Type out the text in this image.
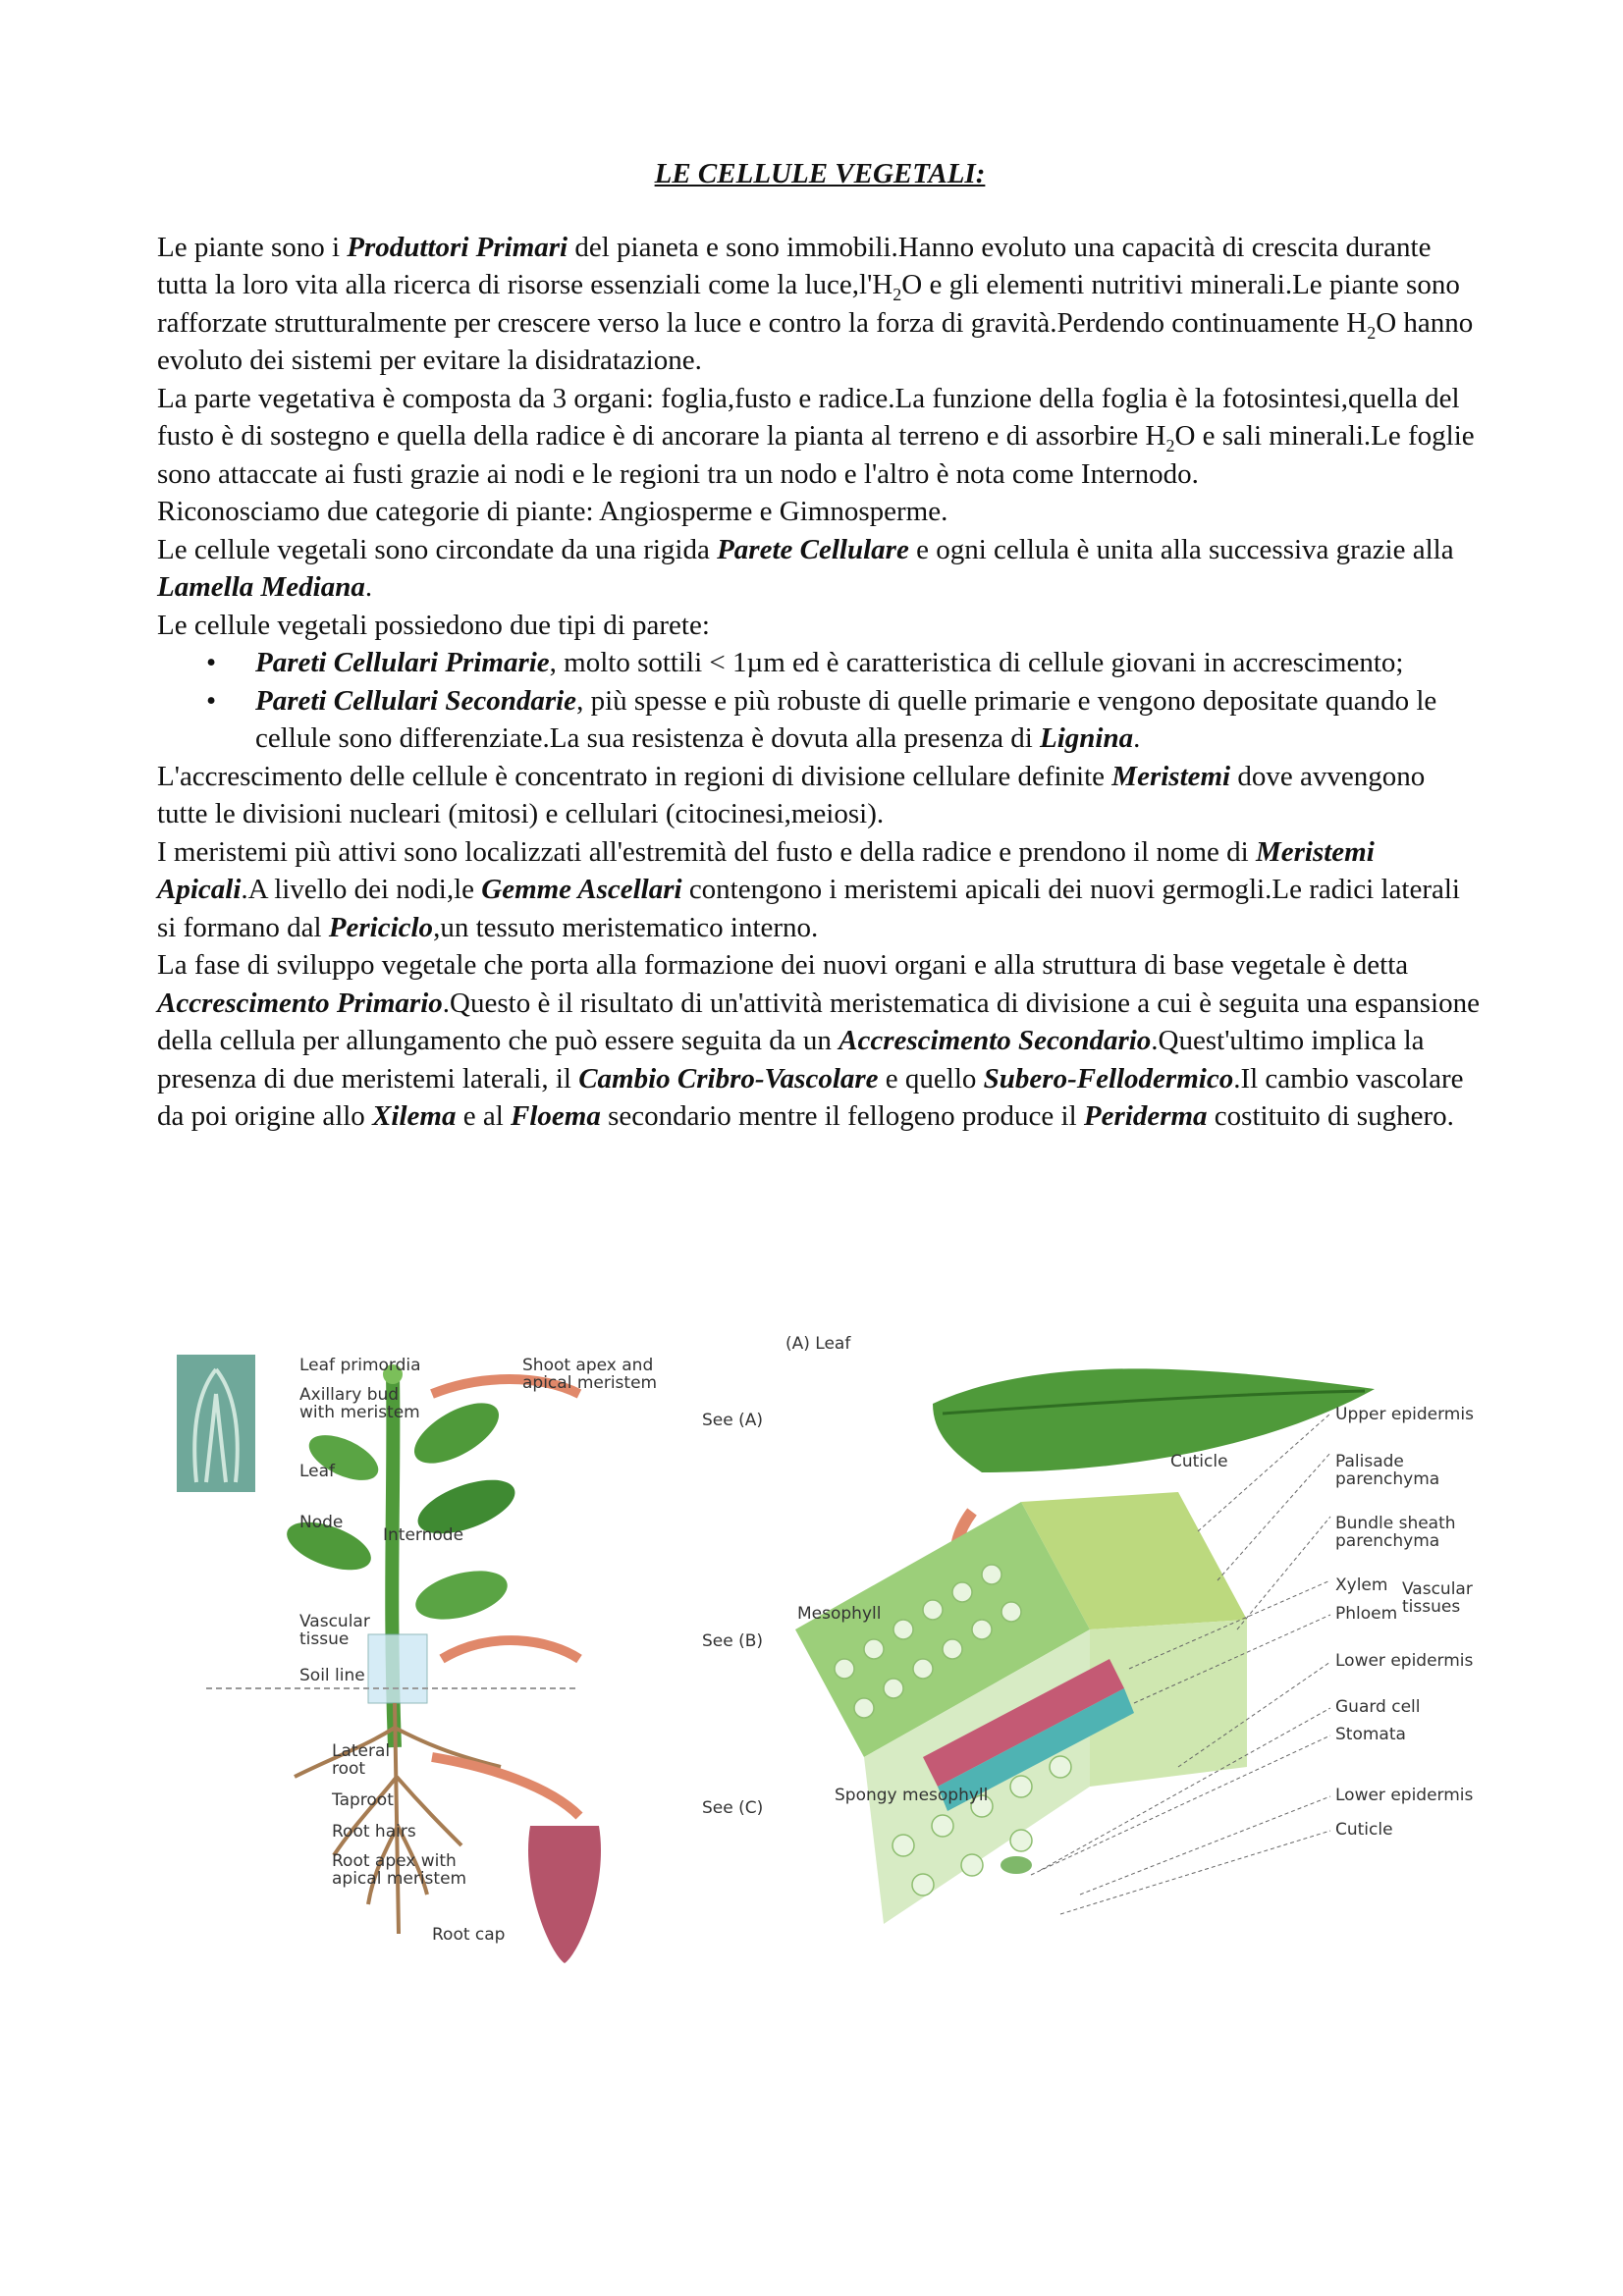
LE CELLULE VEGETALI:

Le piante sono i Produttori Primari del pianeta e sono immobili.Hanno evoluto una capacità di crescita durante tutta la loro vita alla ricerca di risorse essenziali come la $luce,l'H_2O$ e gli elementi nutritivi minerali.Le piante sono rafforzate strutturalmente per crescere verso la luce e contro la forza di gravità.Perdendo continuamente $H_2O$ hanno evoluto dei sistemi per evitare la disidratazione.

La parte vegetativa è composta da 3 organi: foglia,fusto e radice.La funzione della foglia è la fotosintesi,quella del fusto è di sostegno e quella della radice è di ancorare la pianta al terreno e di assorbire $H_2O$ e sali minerali.Le foglie sono attaccate ai fusti grazie ai nodi e le regioni tra un nodo e l'altro è nota come Internodo.

Riconosciamo due categorie di piante: Angiosperme e Gimnosperme.

Le cellule vegetali sono circondate da una rigida Parete Cellulare e ogni cellula è unita alla successiva grazie alla Lamella Mediana.

Le cellule vegetali possiedono due tipi di parete:

• Pareti Cellulari Primarie, molto sottili < 1µm ed è caratteristica di cellule giovani in accrescimento;
• Pareti Cellulari Secondarie, più spesse e più robuste di quelle primarie e vengono depositate quando le cellule sono differenziate.La sua resistenza è dovuta alla presenza di Lignina.

L'accrescimento delle cellule è concentrato in regioni di divisione cellulare definite Meristemi dove avvengono tutte le divisioni nucleari (mitosi) e cellulari (citocinesi,meiosi).

I meristemi più attivi sono localizzati all'estremità del fusto e della radice e prendono il nome di Meristemi Apicali.A livello dei nodi,le Gemme Ascellari contengono i meristemi apicali dei nuovi germogli.Le radici laterali si formano dal Periciclo,un tessuto meristematico interno.

La fase di sviluppo vegetale che porta alla formazione dei nuovi organi e alla struttura di base vegetale è detta Accrescimento Primario.Questo è il risultato di un'attività meristematica di divisione a cui è seguita una espansione della cellula per allungamento che può essere seguita da un Accrescimento Secondario.Quest'ultimo implica la presenza di due meristemi laterali, il Cambio Cribro-Vascolare e quello Subero-Fellodermico.Il cambio vascolare da poi origine allo Xilema e al Floema secondario mentre il fellogeno produce il Periderma costituito di sughero.

Leaf primordia	Shoot apex and
apical meristem
Axillary bud
with meristem	See (A)
Leaf
Node
Internode
Vascular
tissue
Soil line
See (B)
Lateral
root
Taproot
Root hairs
Root apex with
apical meristem
See (C)
Root cap
(A) Leaf
Upper epidermis
Cuticle	Palisade
parenchyma
Bundle sheath
parenchyma
Xylem
Phloem
Vascular
tissues
Mesophyll
Lower epidermis
Guard cell
Stomata
Spongy mesophyll	Lower epidermis
Cuticle
